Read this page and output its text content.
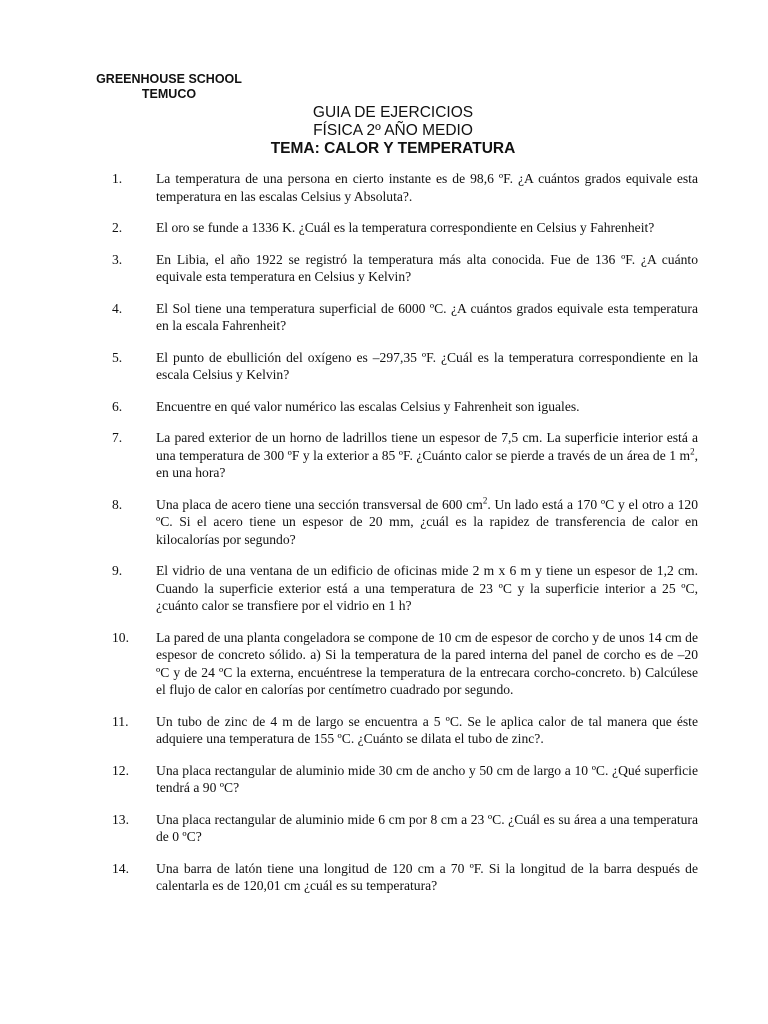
GREENHOUSE SCHOOL
TEMUCO
GUIA DE EJERCICIOS
FÍSICA 2º AÑO MEDIO
TEMA: CALOR Y TEMPERATURA
1. La temperatura de una persona en cierto instante es de 98,6 ºF. ¿A cuántos grados equivale esta temperatura en las escalas Celsius y Absoluta?.
2. El oro se funde a 1336 K. ¿Cuál es la temperatura correspondiente en Celsius y Fahrenheit?
3. En Libia, el año 1922 se registró la temperatura más alta conocida. Fue de 136 ºF. ¿A cuánto equivale esta temperatura en Celsius y Kelvin?
4. El Sol tiene una temperatura superficial de 6000 ºC. ¿A cuántos grados equivale esta temperatura en la escala Fahrenheit?
5. El punto de ebullición del oxígeno es –297,35 ºF. ¿Cuál es la temperatura correspondiente en la escala Celsius y Kelvin?
6. Encuentre en qué valor numérico las escalas Celsius y Fahrenheit son iguales.
7. La pared exterior de un horno de ladrillos tiene un espesor de 7,5 cm. La superficie interior está a una temperatura de 300 ºF y la exterior a 85 ºF. ¿Cuánto calor se pierde a través de un área de 1 $m^2$, en una hora?
8. Una placa de acero tiene una sección transversal de 600 $cm^2$. Un lado está a 170 ºC y el otro a 120 ºC. Si el acero tiene un espesor de 20 mm, ¿cuál es la rapidez de transferencia de calor en kilocalorías por segundo?
9. El vidrio de una ventana de un edificio de oficinas mide 2 m x 6 m y tiene un espesor de 1,2 cm. Cuando la superficie exterior está a una temperatura de 23 ºC y la superficie interior a 25 ºC, ¿cuánto calor se transfiere por el vidrio en 1 h?
10. La pared de una planta congeladora se compone de 10 cm de espesor de corcho y de unos 14 cm de espesor de concreto sólido. a) Si la temperatura de la pared interna del panel de corcho es de –20 ºC y de 24 ºC la externa, encuéntrese la temperatura de la entrecara corcho-concreto. b) Calcúlese el flujo de calor en calorías por centímetro cuadrado por segundo.
11. Un tubo de zinc de 4 m de largo se encuentra a 5 ºC. Se le aplica calor de tal manera que éste adquiere una temperatura de 155 ºC. ¿Cuánto se dilata el tubo de zinc?.
12. Una placa rectangular de aluminio mide 30 cm de ancho y 50 cm de largo a 10 ºC. ¿Qué superficie tendrá a 90 ºC?
13. Una placa rectangular de aluminio mide 6 cm por 8 cm a 23 ºC. ¿Cuál es su área a una temperatura de 0 ºC?
14. Una barra de latón tiene una longitud de 120 cm a 70 ºF. Si la longitud de la barra después de calentarla es de 120,01 cm ¿cuál es su temperatura?
